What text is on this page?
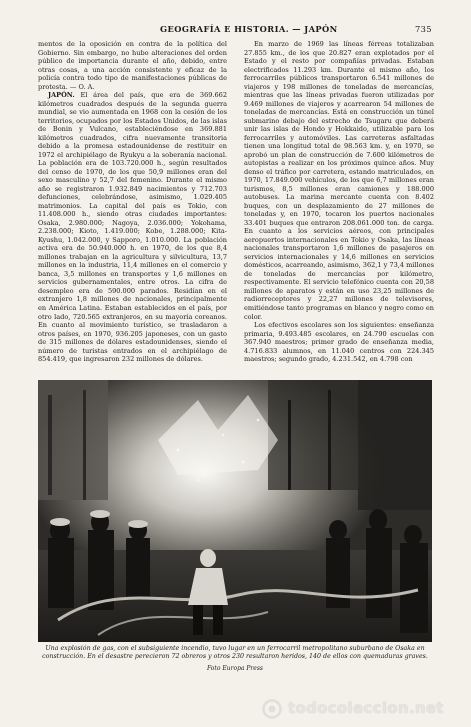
GEOGRAFÍA E HISTORIA. — JAPÓN	735

mentos de la oposición en contra de la política del Gobierno. Sin embargo, no hubo alteraciones del orden público de importancia durante el año, debido, entre otras cosas, a una acción consistente y eficaz de la policía contra todo tipo de manifestaciones públicas de protesta. — O. A.

JAPÓN. El área del país, que era de 369.662 kilómetros cuadrados después de la segunda guerra mundial, se vio aumentada en 1968 con la cesión de los territorios, ocupados por los Estados Unidos, de las islas de Bonin y Vulcano, estableciéndose en 369.881 kilómetros cuadrados, cifra nuevamente transitoria debido a la promesa estadounidense de restituir en 1972 el archipiélago de Ryukyu a la soberanía nacional. La población era de 103.720.000 h., según resultados del censo de 1970, de los que 50,9 millones eran del sexo masculino y 52,7 del femenino. Durante el mismo año se registraron 1.932.849 nacimientos y 712.703 defunciones, celebrándose, asimismo, 1.029.405 matrimonios. La capital del país es Tokio, con 11.408.000 h., siendo otras ciudades importantes: Osaka, 2.980.000; Nagoya, 2.036.000; Yokohama, 2.238.000; Kioto, 1.419.000; Kobe, 1.288.000; Kita-Kyushu, 1.042.000, y Sapporo, 1.010.000. La población activa era de 50.940.000 h. en 1970, de los que 8,4 millones trabajan en la agricultura y silvicultura, 13,7 millones en la industria, 11,4 millones en el comercio y banca, 3,5 millones en transportes y 1,6 millones en servicios gubernamentales, entre otros. La cifra de desempleo era de 590.000 parados. Residían en el extranjero 1,8 millones de nacionales, principalmente en América Latina. Estaban establecidos en el país, por otro lado, 720.565 extranjeros, en su mayoría coreanos. En cuanto al movimiento turístico, se trasladaron a otros países, en 1970, 936.205 japoneses, con un gasto de 315 millones de dólares estadounidenses, siendo el número de turistas entrados en el archipiélago de 854.419, que ingresaron 232 millones de dólares.

En marzo de 1969 las líneas férreas totalizaban 27.855 km., de los que 20.827 eran explotados por el Estado y el resto por compañías privadas. Estaban electrificados 11.293 km. Durante el mismo año, los ferrocarriles públicos transportaron 6.541 millones de viajeros y 198 millones de toneladas de mercancías, mientras que las líneas privadas fueron utilizadas por 9.469 millones de viajeros y acarrearon 54 millones de toneladas de mercancías. Está en construcción un túnel submarino debajo del estrecho de Tsugaru que deberá unir las islas de Hondo y Hokkaido, utilizable para los ferrocarriles y automóviles. Las carreteras asfaltadas tienen una longitud total de 98.563 km. y, en 1970, se aprobó un plan de construcción de 7.600 kilómetros de autopistas a realizar en los próximos quince años. Muy denso el tráfico por carretera, estando matriculados, en 1970, 17.849.000 vehículos, de los que 6,7 millones eran turismos, 8,5 millones eran camiones y 188.000 autobuses. La marina mercante cuenta con 8.402 buques, con un desplazamiento de 27 millones de toneladas y, en 1970, tocaron los puertos nacionales 33.401 buques que entraron 208.061.000 ton. de carga. En cuanto a los servicios aéreos, con principales aeropuertos internacionales en Tokio y Osaka, las líneas nacionales transportaron 1,6 millones de pasajeros en servicios internacionales y 14,6 millones en servicios domésticos, acarreando, asimismo, 362,1 y 73,4 millones de toneladas de mercancías por kilómetro, respectivamente. El servicio telefónico cuenta con 20,58 millones de aparatos y están en uso 23,25 millones de radiorreceptores y 22,27 millones de televisores, emitiéndose tanto programas en blanco y negro como en color.

Los efectivos escolares son los siguientes: enseñanza primaria, 9.493.485 escolares, en 24.790 escuelas con 367.940 maestros; primer grado de enseñanza media, 4.716.833 alumnos, en 11.040 centros con 224.345 maestros; segundo grado, 4.231.542, en 4.798 con

Una explosión de gas, con el subsiguiente incendio, tuvo lugar en un ferrocarril metropolitano suburbano de Osaka en construcción. En el desastre perecieron 72 obreros y otros 230 resultaron heridos, 140 de ellos con quemaduras graves.
Foto Europa Press
todocoleccion.net
